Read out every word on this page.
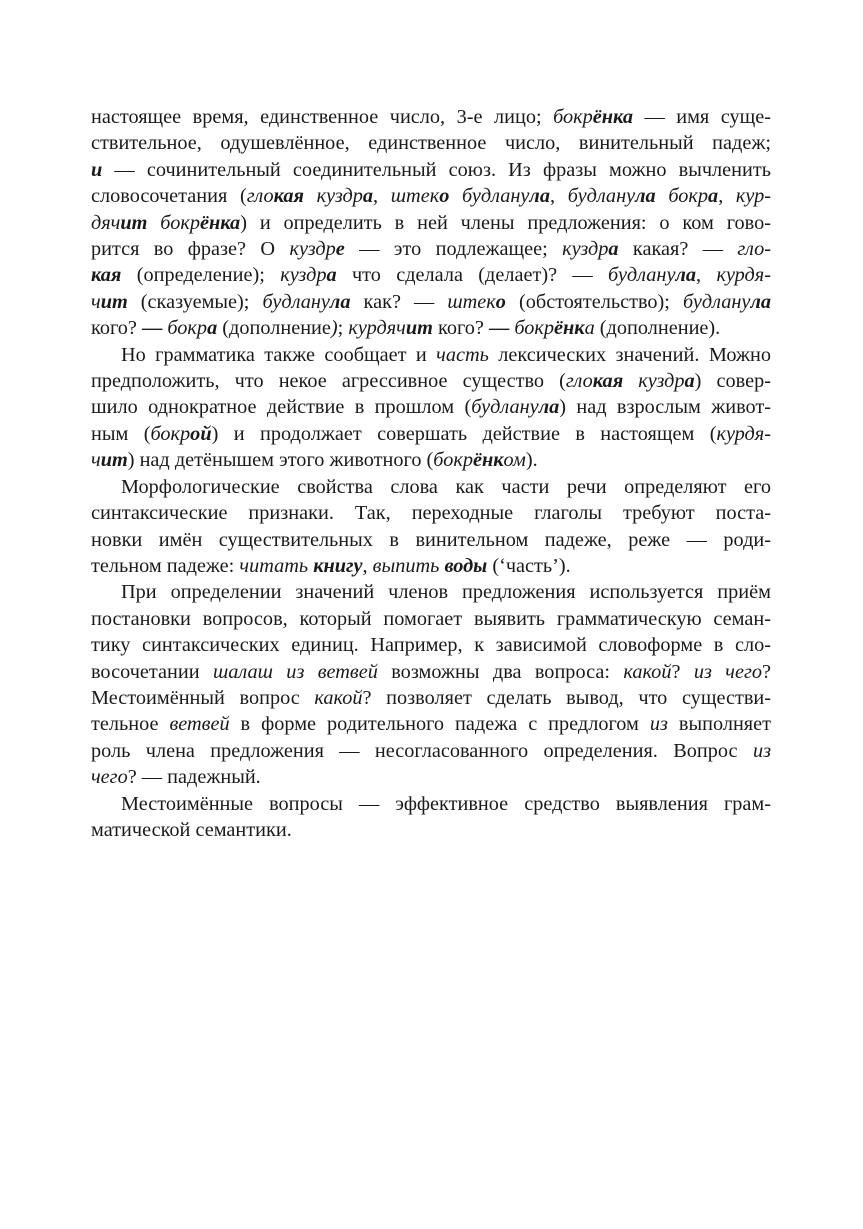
настоящее время, единственное число, 3-е лицо; бокрёнка — имя суще-
ствительное, одушевлённое, единственное число, винительный падеж;
и — сочинительный соединительный союз. Из фразы можно вычленить
словосочетания (глокая куздра, штеко будланула, будланула бокра, кур-
дячит бокрёнка) и определить в ней члены предложения: о ком гово-
рится во фразе? О куздре — это подлежащее; куздра какая? — гло-
кая (определение); куздра что сделала (делает)? — будланула, курдя-
чит (сказуемые); будланула как? — штеко (обстоятельство); будланула
кого? — бокра (дополнение); курдячит кого? — бокрёнка (дополнение).
Но грамматика также сообщает и часть лексических значений. Можно
предположить, что некое агрессивное существо (глокая куздра) совер-
шило однократное действие в прошлом (будланула) над взрослым живот-
ным (бокрой) и продолжает совершать действие в настоящем (курдя-
чит) над детёнышем этого животного (бокрёнком).
Морфологические свойства слова как части речи определяют его
синтаксические признаки. Так, переходные глаголы требуют поста-
новки имён существительных в винительном падеже, реже — роди-
тельном падеже: читать книгу, выпить воды (‘часть’).
При определении значений членов предложения используется приём
постановки вопросов, который помогает выявить грамматическую семан-
тику синтаксических единиц. Например, к зависимой словоформе в сло-
восочетании шалаш из ветвей возможны два вопроса: какой? из чего?
Местоимённый вопрос какой? позволяет сделать вывод, что существи-
тельное ветвей в форме родительного падежа с предлогом из выполняет
роль члена предложения — несогласованного определения. Вопрос из
чего? — падежный.
Местоимённые вопросы — эффективное средство выявления грам-
матической семантики.
